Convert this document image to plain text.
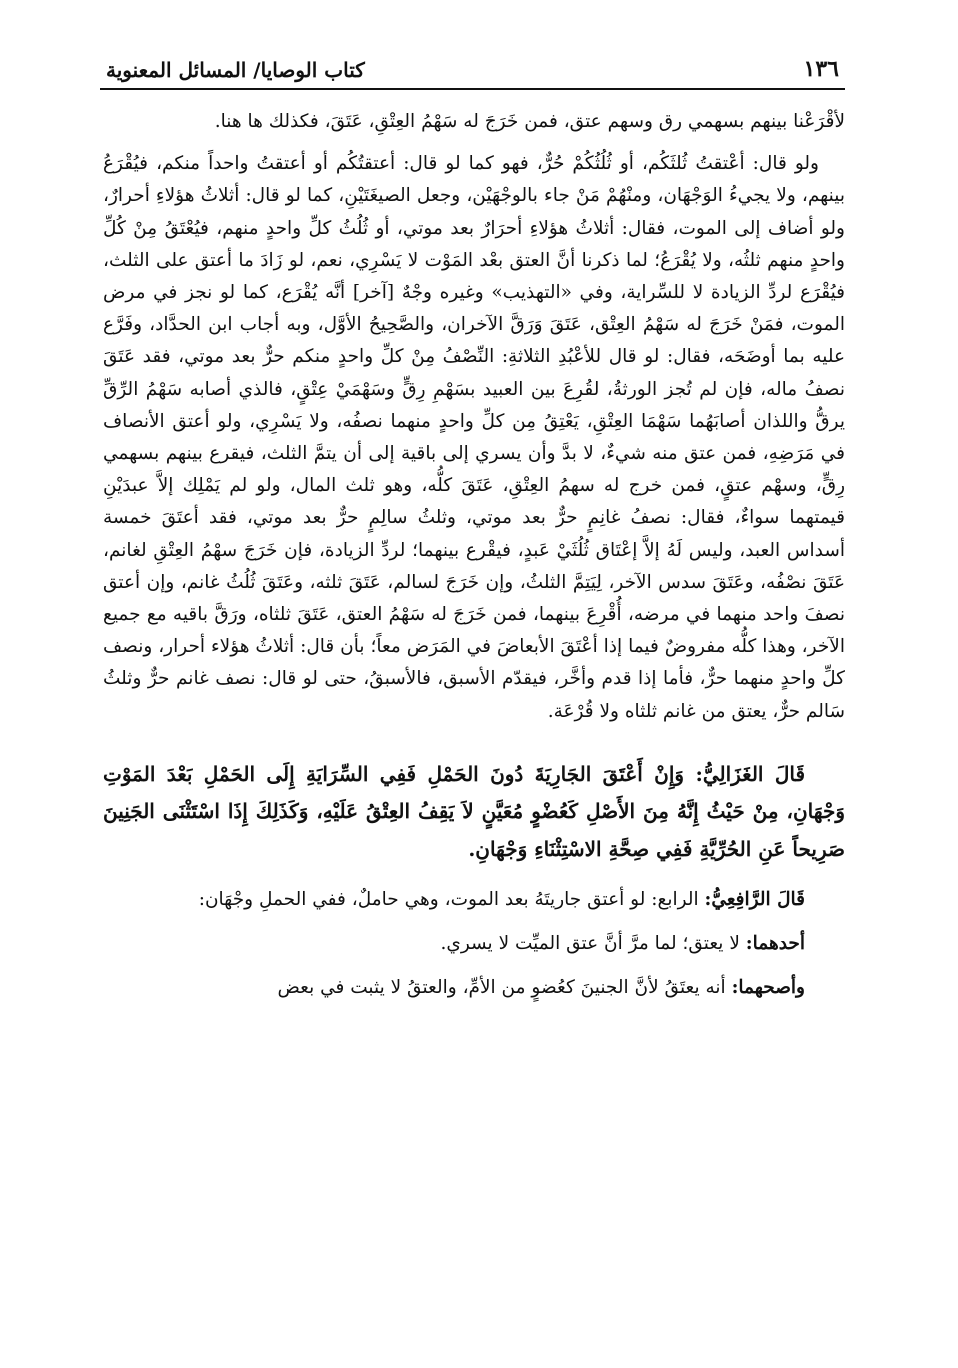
١٣٦
كتاب الوصايا/ المسائل المعنوية

لأقْرَعْنا بينهم بسهمي رق وسهم عتق، فمن خَرَجَ له سَهْمُ العِتْقِ، عَتَقَ، فكذلك ها هنا.

ولو قال: أعْتقتُ ثُلثَكُم، أو ثُلُثُكُمْ حُرٌّ، فهو كما لو قال: أعتقتُكُم أو أعتقتُ واحداً منكم، فيُقْرَعُ بينهم، ولا يجيءُ الوَجْهَان، ومنْهُمْ مَنْ جاء بالوجْهَيْن، وجعل الصيغَتَيْنِ، كما لو قال: أثلاثُ هؤلاءِ أحرارٌ، ولو أضاف إلى الموت، فقال: أثلاثُ هؤلاءِ أحرَارٌ بعد موتي، أو ثُلُثُ كلِّ واحدٍ منهم، فيُعْتَقُ مِنْ كُلِّ واحدٍ منهم ثلثُه، ولا يُقْرَعُ؛ لما ذكرنا أنَّ العتق بعْد المَوْت لا يَسْرِي، نعم، لو زَادَ ما أعتق على الثلث، فيُقْرَع لردِّ الزيادة لا للسِّراية، وفي «التهذيب» وغيره وجْهٌ [آخر] أنَّه يُقْرَع، كما لو نجز في مرض الموت، فمَنْ خَرَجَ له سَهْمُ العِتْق، عَتَقَ وَرَقَّ الآخران، والصَّحِيحُ الأوَّل، وبه أجاب ابن الحدَّاد، وفَرَّع عليه بما أوضَحَه، فقال: لو قال للأعْبُدِ الثلاثةِ: النِّصْفُ مِنْ كلِّ واحدٍ منكم حرٌّ بعد موتي، فقد عَتَقَ نصفُ ماله، فإن لم تُجز الورثةُ، لقُرِعَ بين العبيد بسَهْمِ رِقٍّ وسَهْمَيْ عِتْقٍ، فالذي أصابه سَهْمُ الرِّقِّ يرقُّ واللذان أصابَهُما سَهْمَا العِتْقِ، يَعْتِقُ مِن كلِّ واحدٍ منهما نصفُه، ولا يَسْرِي، ولو أعتق الأنصاف في مَرَضِهِ، فمن عتق منه شيءٌ، لا بدَّ وأن يسري إلى باقية إلى أن يتمَّ الثلث، فيقرع بينهم بسهمي رِقٍّ، وسهْم عتقٍ، فمن خرج له سهمُ العِتْقِ، عَتَقَ كلُّه، وهو ثلث المال، ولو لم يَمْلِك إلاَّ عبدَيْنِ قيمتهما سواءٌ، فقال: نصفُ غانِمٍ حرٌّ بعد موتي، وثلثُ سالِمٍ حرٌّ بعد موتي، فقد أعتَقَ خمسة أسداس العبد، وليس لَهُ إلاَّ إعْتَاق ثُلُثَيْ عَبدٍ، فيقْرع بينهما؛ لردِّ الزيادة، فإن خَرَجَ سهْمُ العِتْقِ لغانم، عَتَقَ نصْفُه، وعَتَقَ سدس الآخر، لِيَتِمَّ الثلثُ، وإن خَرَجَ لسالم، عَتَقَ ثلثه، وعَتَقَ ثُلُثُ غانم، وإن أعتق نصفَ واحد منهما في مرضه، أُقْرِعَ بينهما، فمن خَرَجَ له سَهْمُ العتق، عَتَقَ ثلثاه، ورَقَّ باقيه مع جميع الآخر، وهذا كلُّه مفروضٌ فيما إذا أعْتَقَ الأبعاضَ في المَرَض معاً؛ بأن قال: أثلاثُ هؤلاء أحرار، ونصف كلِّ واحدٍ منهما حرٌّ، فأما إذا قدم وأخَّر، فيقدّم الأسبق، فالأسبقُ، حتى لو قال: نصف غانم حرٌّ وثلثُ سَالم حرٌّ، يعتق من غانم ثلثاه ولا قُرْعَة.

قَالَ الغَزَالِيُّ: وَإِنْ أَعْتَقَ الجَارِيَةَ دُونَ الحَمْلِ فَفِي السِّرَايَةِ إِلَى الحَمْلِ بَعْدَ المَوْتِ وَجْهَانِ، مِنْ حَيْثُ إِنَّهُ مِنَ الأَصْلِ كَعُضْوٍ مُعَيَّنٍ لاَ يَقِفُ العِتْقُ عَلَيْهِ، وَكَذَلِكَ إِذَا اسْتَثْنَى الجَنِينَ صَرِيحاً عَنِ الحُرِّيَّةِ فَفِي صِحَّةِ الاسْتِثْنَاءِ وَجْهَانِ.

قَالَ الرَّافِعِيُّ: الرابع: لو أعتق جاريتَهُ بعد الموت، وهي حاملٌ، ففي الحملِ وجْهَان:

أحدهما: لا يعتق؛ لما مرَّ أنَّ عتق الميِّت لا يسري.

وأصحهما: أنه يعتَقُ لأنَّ الجنينَ كعُضوٍ من الأمِّ، والعتقُ لا يثبت في بعض
